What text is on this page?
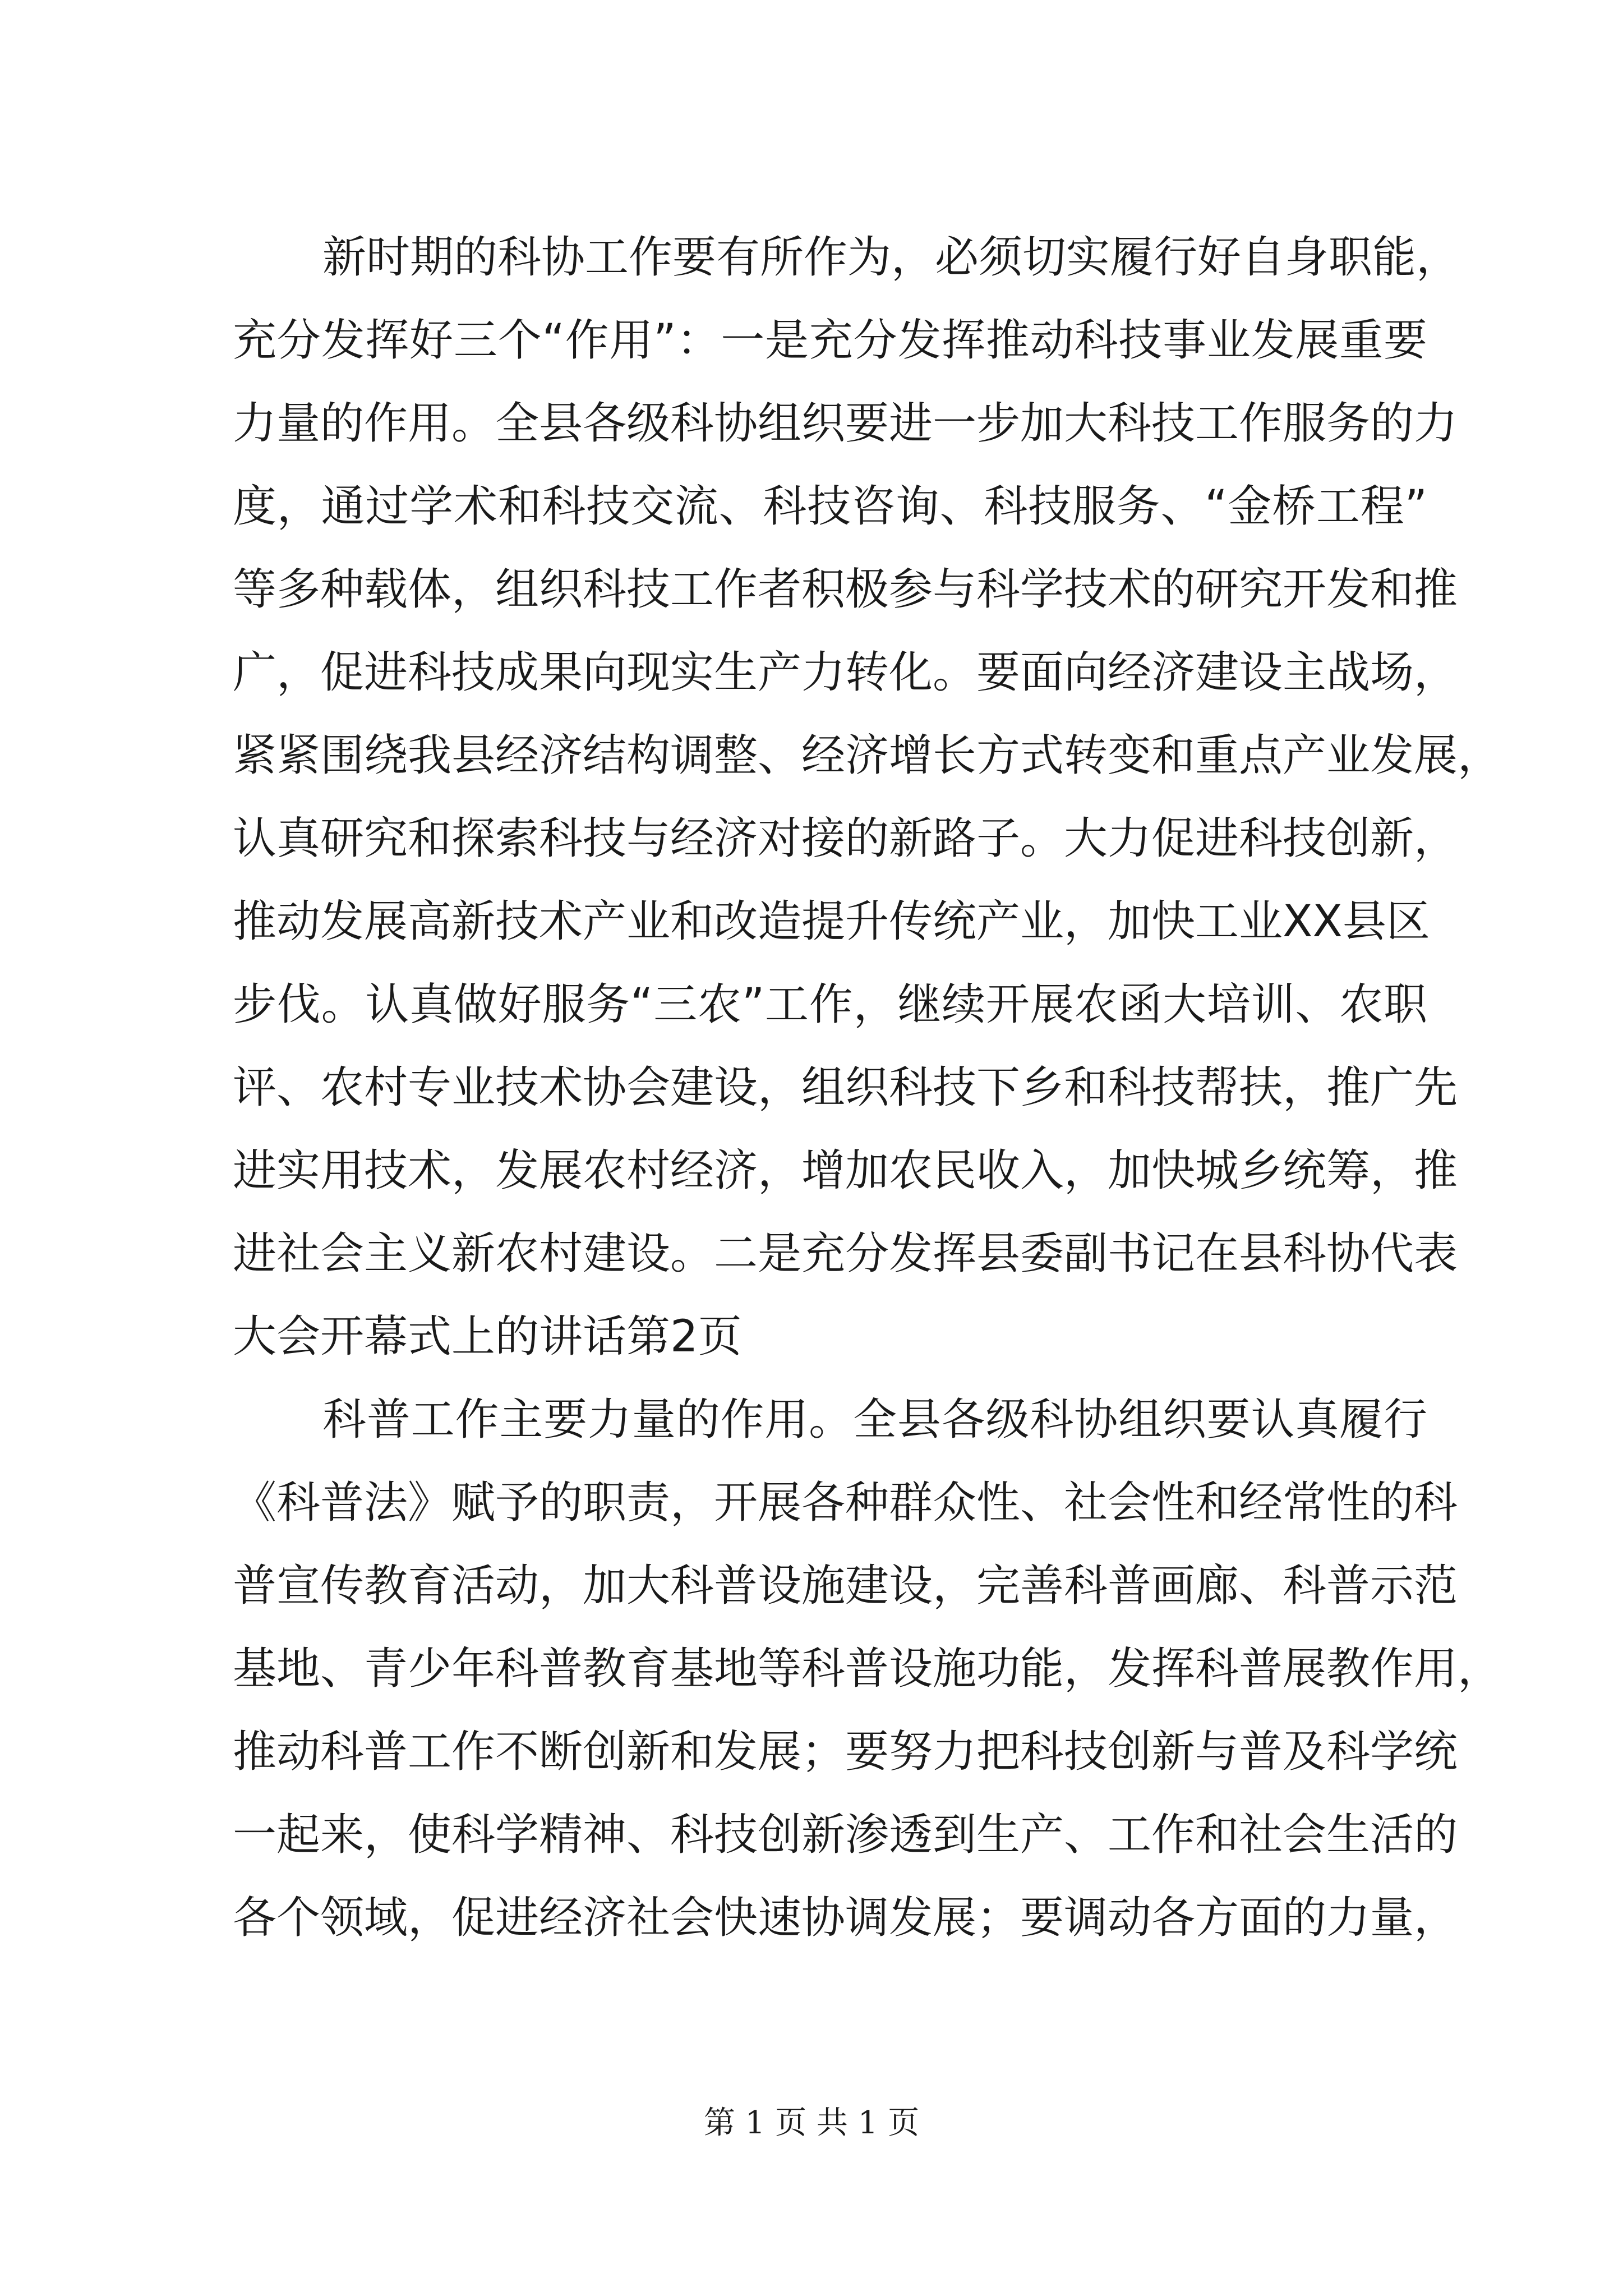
新时期的科协工作要有所作为，必须切实履行好自身职能，
充分发挥好三个“作用”：一是充分发挥推动科技事业发展重要
力量的作用。全县各级科协组织要进一步加大科技工作服务的力
度，通过学术和科技交流、科技咨询、科技服务、“金桥工程”
等多种载体，组织科技工作者积极参与科学技术的研究开发和推
广，促进科技成果向现实生产力转化。要面向经济建设主战场，
紧紧围绕我县经济结构调整、经济增长方式转变和重点产业发展，
认真研究和探索科技与经济对接的新路子。大力促进科技创新，
推动发展高新技术产业和改造提升传统产业，加快工业XX县区
步伐。认真做好服务“三农”工作，继续开展农函大培训、农职
评、农村专业技术协会建设，组织科技下乡和科技帮扶，推广先
进实用技术，发展农村经济，增加农民收入，加快城乡统筹，推
进社会主义新农村建设。二是充分发挥县委副书记在县科协代表
大会开幕式上的讲话第2页
科普工作主要力量的作用。全县各级科协组织要认真履行
《科普法》赋予的职责，开展各种群众性、社会性和经常性的科
普宣传教育活动，加大科普设施建设，完善科普画廊、科普示范
基地、青少年科普教育基地等科普设施功能，发挥科普展教作用，
推动科普工作不断创新和发展；要努力把科技创新与普及科学统
一起来，使科学精神、科技创新渗透到生产、工作和社会生活的
各个领域，促进经济社会快速协调发展；要调动各方面的力量，
第 1 页 共 1 页
